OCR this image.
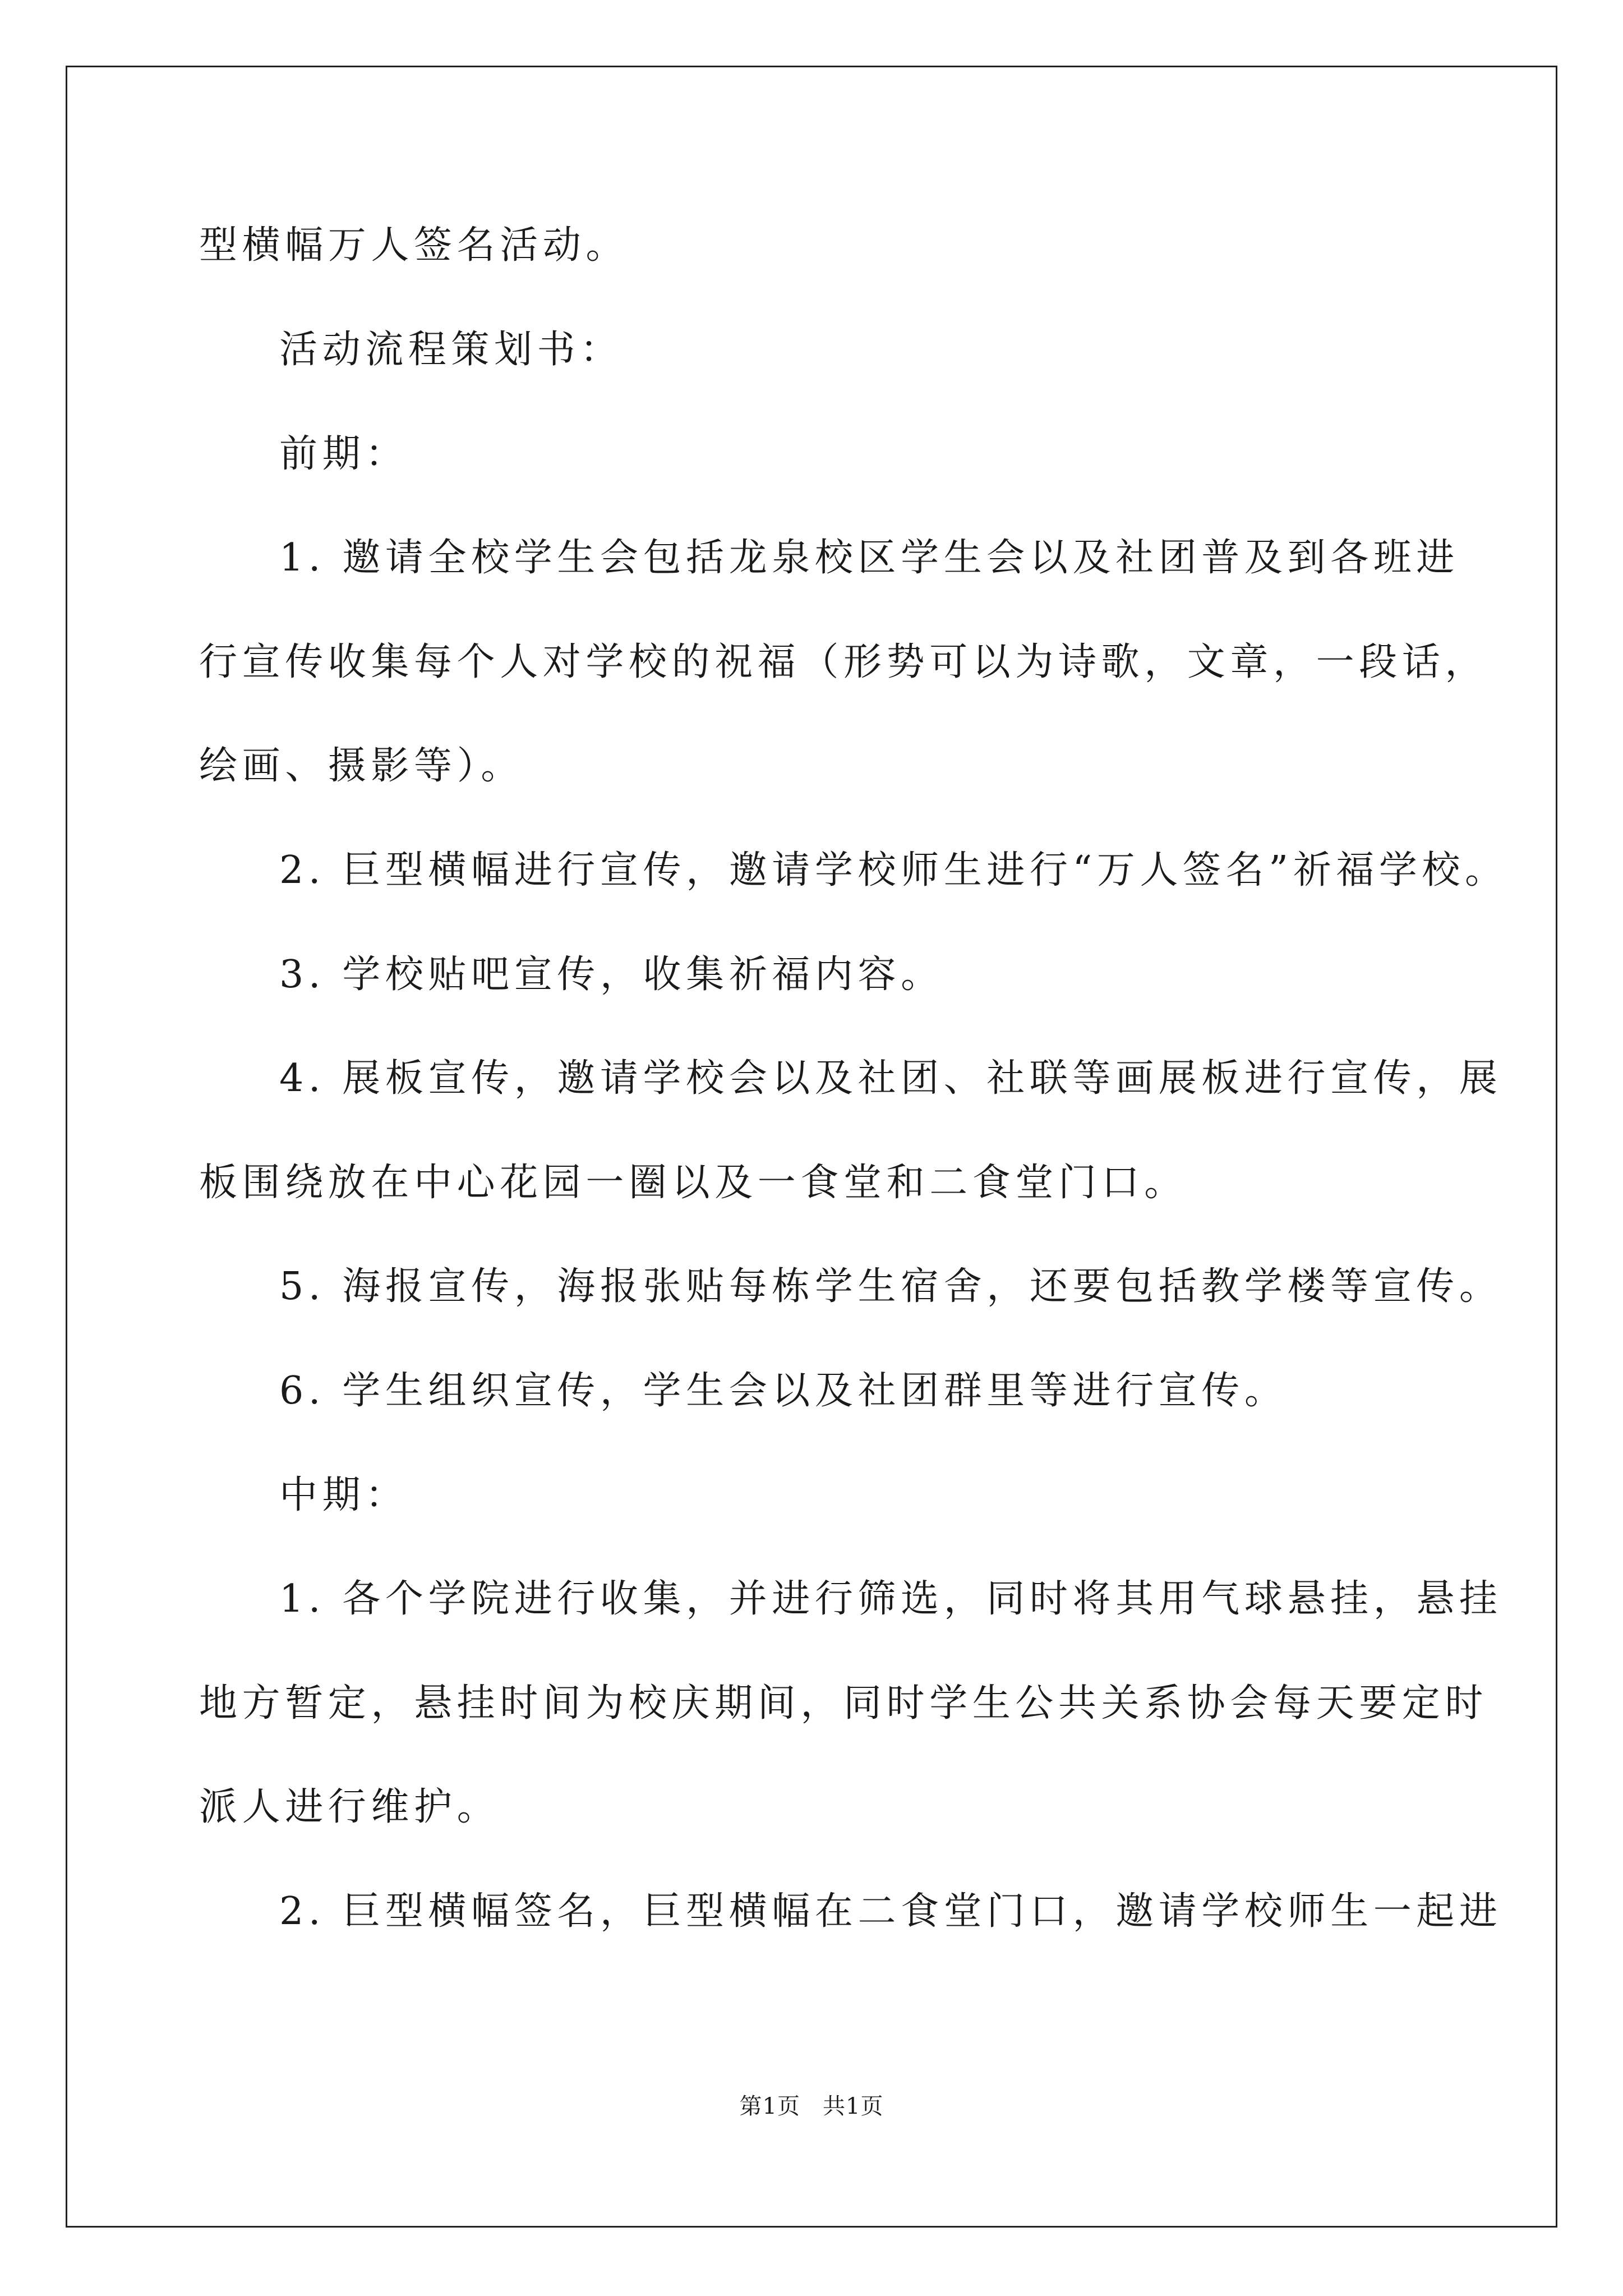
型横幅万人签名活动。
活动流程策划书：
前期：
1. 邀请全校学生会包括龙泉校区学生会以及社团普及到各班进
行宣传收集每个人对学校的祝福（形势可以为诗歌，文章，一段话，
绘画、摄影等）。
2. 巨型横幅进行宣传，邀请学校师生进行“万人签名”祈福学校。
3. 学校贴吧宣传，收集祈福内容。
4. 展板宣传，邀请学校会以及社团、社联等画展板进行宣传，展
板围绕放在中心花园一圈以及一食堂和二食堂门口。
5. 海报宣传，海报张贴每栋学生宿舍，还要包括教学楼等宣传。
6. 学生组织宣传，学生会以及社团群里等进行宣传。
中期：
1. 各个学院进行收集，并进行筛选，同时将其用气球悬挂，悬挂
地方暂定，悬挂时间为校庆期间，同时学生公共关系协会每天要定时
派人进行维护。
2. 巨型横幅签名，巨型横幅在二食堂门口，邀请学校师生一起进
第1页 共1页
